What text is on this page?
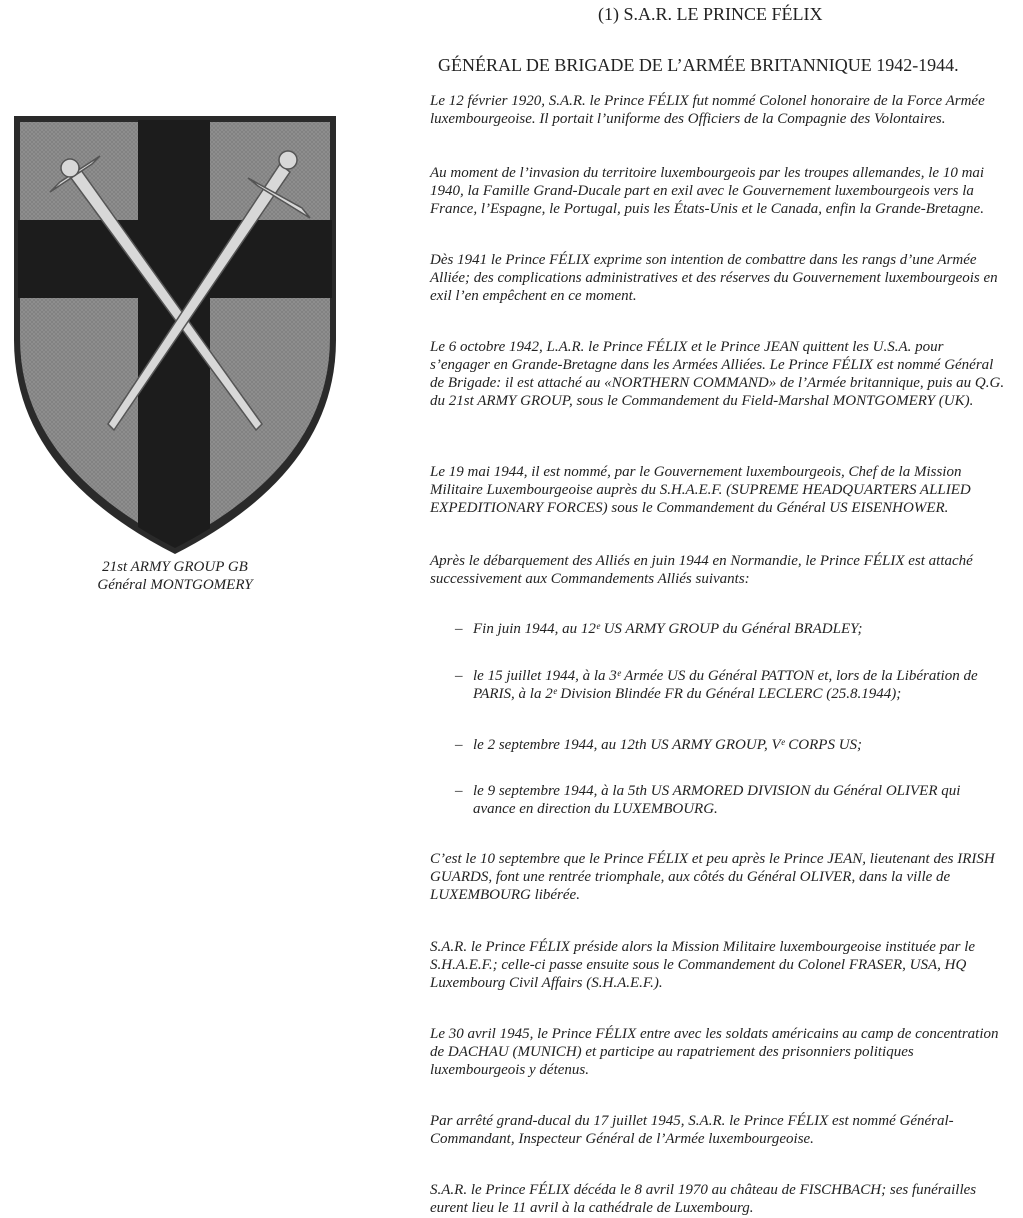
21st ARMY GROUP GB
Général MONTGOMERY
(1) S.A.R. LE PRINCE FÉLIX
GÉNÉRAL DE BRIGADE DE L’ARMÉE BRITANNIQUE 1942-1944.
Le 12 février 1920, S.A.R. le Prince FÉLIX fut nommé Colonel honoraire de la Force Armée luxembourgeoise. Il portait l’uniforme des Officiers de la Compagnie des Volontaires.
Au moment de l’invasion du territoire luxembourgeois par les troupes allemandes, le 10 mai 1940, la Famille Grand-Ducale part en exil avec le Gouvernement luxembourgeois vers la France, l’Espagne, le Portugal, puis les États-Unis et le Canada, enfin la Grande-Bretagne.
Dès 1941 le Prince FÉLIX exprime son intention de combattre dans les rangs d’une Armée Alliée; des complications administratives et des réserves du Gouvernement luxembourgeois en exil l’en empêchent en ce moment.
Le 6 octobre 1942, L.A.R. le Prince FÉLIX et le Prince JEAN quittent les U.S.A. pour s’engager en Grande-Bretagne dans les Armées Alliées. Le Prince FÉLIX est nommé Général de Brigade: il est attaché au «NORTHERN COMMAND» de l’Armée britannique, puis au Q.G. du 21st ARMY GROUP, sous le Commandement du Field-Marshal MONTGOMERY (UK).
Le 19 mai 1944, il est nommé, par le Gouvernement luxembourgeois, Chef de la Mission Militaire Luxembourgeoise auprès du S.H.A.E.F. (SUPREME HEADQUARTERS ALLIED EXPEDITIONARY FORCES) sous le Commandement du Général US EISENHOWER.
Après le débarquement des Alliés en juin 1944 en Normandie, le Prince FÉLIX est attaché successivement aux Commandements Alliés suivants:
– Fin juin 1944, au 12ᵉ US ARMY GROUP du Général BRADLEY;
– le 15 juillet 1944, à la 3ᵉ Armée US du Général PATTON et, lors de la Libération de PARIS, à la 2ᵉ Division Blindée FR du Général LECLERC (25.8.1944);
– le 2 septembre 1944, au 12th US ARMY GROUP, Vᵉ CORPS US;
– le 9 septembre 1944, à la 5th US ARMORED DIVISION du Général OLIVER qui avance en direction du LUXEMBOURG.
C’est le 10 septembre que le Prince FÉLIX et peu après le Prince JEAN, lieutenant des IRISH GUARDS, font une rentrée triomphale, aux côtés du Général OLIVER, dans la ville de LUXEMBOURG libérée.
S.A.R. le Prince FÉLIX préside alors la Mission Militaire luxembourgeoise instituée par le S.H.A.E.F.; celle-ci passe ensuite sous le Commandement du Colonel FRASER, USA, HQ Luxembourg Civil Affairs (S.H.A.E.F.).
Le 30 avril 1945, le Prince FÉLIX entre avec les soldats américains au camp de concentration de DACHAU (MUNICH) et participe au rapatriement des prisonniers politiques luxembourgeois y détenus.
Par arrêté grand-ducal du 17 juillet 1945, S.A.R. le Prince FÉLIX est nommé Général-Commandant, Inspecteur Général de l’Armée luxembourgeoise.
S.A.R. le Prince FÉLIX décéda le 8 avril 1970 au château de FISCHBACH; ses funérailles eurent lieu le 11 avril à la cathédrale de Luxembourg.
